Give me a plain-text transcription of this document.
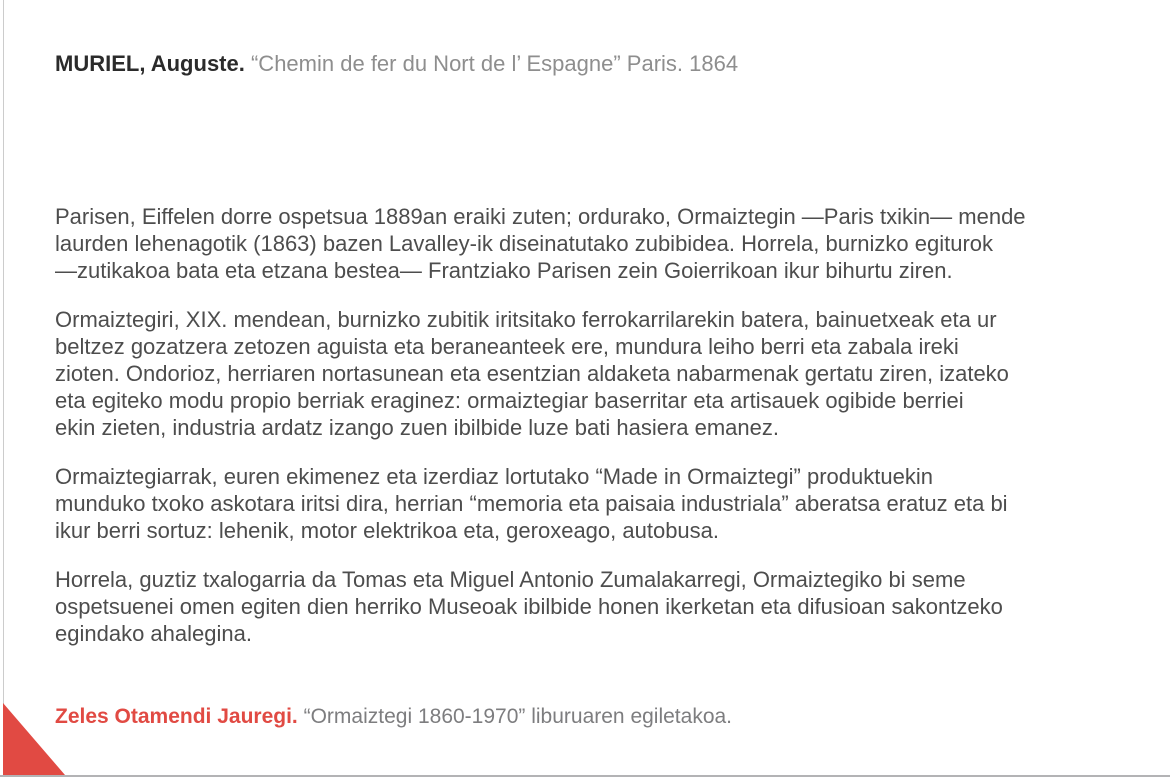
MURIEL, Auguste. “Chemin de fer du Nort de l’ Espagne” Paris. 1864
Parisen, Eiffelen dorre ospetsua 1889an eraiki zuten; ordurako, Ormaiztegin —Paris txikin— mende
laurden lehenagotik (1863) bazen Lavalley-ik diseinatutako zubibidea. Horrela, burnizko egiturok
—zutikakoa bata eta etzana bestea— Frantziako Parisen zein Goierrikoan ikur bihurtu ziren.
Ormaiztegiri, XIX. mendean, burnizko zubitik iritsitako ferrokarrilarekin batera, bainuetxeak eta ur
beltzez gozatzera zetozen aguista eta beraneanteek ere, mundura leiho berri eta zabala ireki
zioten. Ondorioz, herriaren nortasunean eta esentzian aldaketa nabarmenak gertatu ziren, izateko
eta egiteko modu propio berriak eraginez: ormaiztegiar baserritar eta artisauek ogibide berriei
ekin zieten, industria ardatz izango zuen ibilbide luze bati hasiera emanez.
Ormaiztegiarrak, euren ekimenez eta izerdiaz lortutako “Made in Ormaiztegi” produktuekin
munduko txoko askotara iritsi dira, herrian “memoria eta paisaia industriala” aberatsa eratuz eta bi
ikur berri sortuz: lehenik, motor elektrikoa eta, geroxeago, autobusa.
Horrela, guztiz txalogarria da Tomas eta Miguel Antonio Zumalakarregi, Ormaiztegiko bi seme
ospetsuenei omen egiten dien herriko Museoak ibilbide honen ikerketan eta difusioan sakontzeko
egindako ahalegina.
Zeles Otamendi Jauregi. “Ormaiztegi 1860-1970” liburuaren egiletakoa.
